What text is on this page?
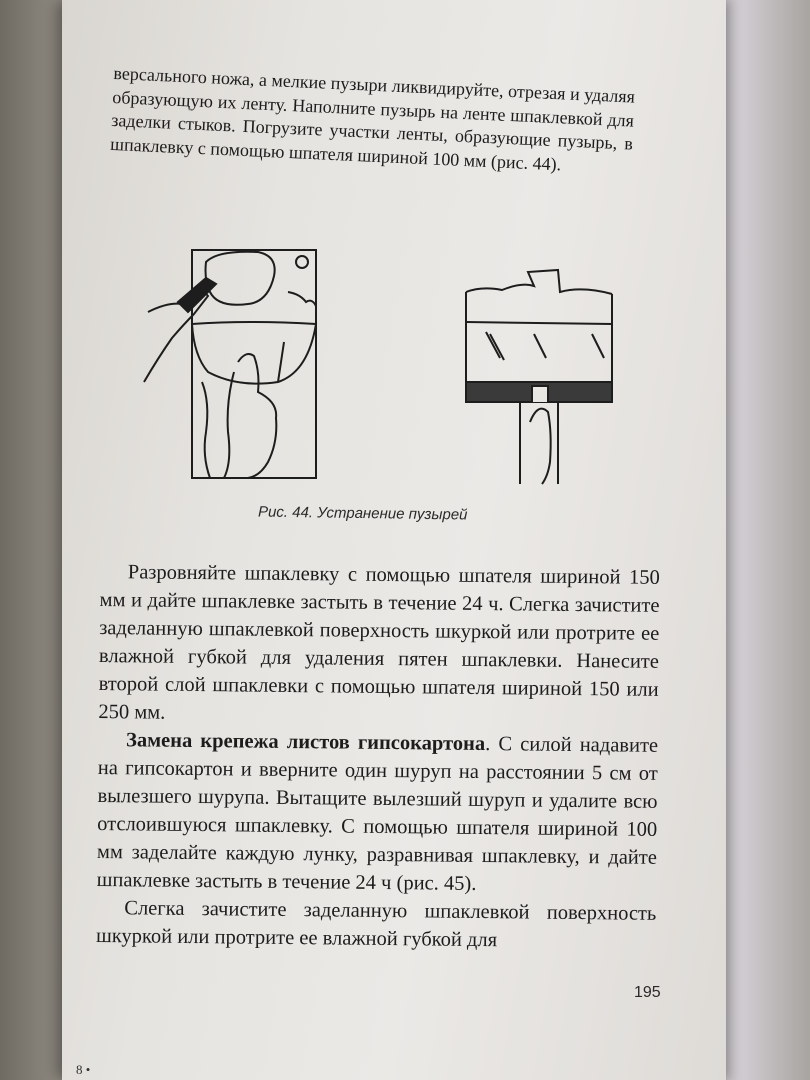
версального ножа, а мелкие пузыри ликвидируйте, отрезая и удаляя образующую их ленту. Наполните пузырь на ленте шпаклевкой для заделки стыков. Погрузите участки ленты, образующие пузырь, в шпаклевку с помощью шпателя шириной 100 мм (рис. 44).
Рис. 44. Устранение пузырей

Разровняйте шпаклевку с помощью шпателя шириной 150 мм и дайте шпаклевке застыть в течение 24 ч. Слегка зачистите заделанную шпаклевкой поверхность шкуркой или протрите ее влажной губкой для удаления пятен шпаклевки. Нанесите второй слой шпаклевки с помощью шпателя шириной 150 или 250 мм.

Замена крепежа листов гипсокартона. С силой надавите на гипсокартон и вверните один шуруп на расстоянии 5 см от вылезшего шурупа. Вытащите вылезший шуруп и удалите всю отслоившуюся шпаклевку. С помощью шпателя шириной 100 мм заделайте каждую лунку, разравнивая шпаклевку, и дайте шпаклевке застыть в течение 24 ч (рис. 45).

Слегка зачистите заделанную шпаклевкой поверхность шкуркой или протрите ее влажной губкой для

195
8 •
